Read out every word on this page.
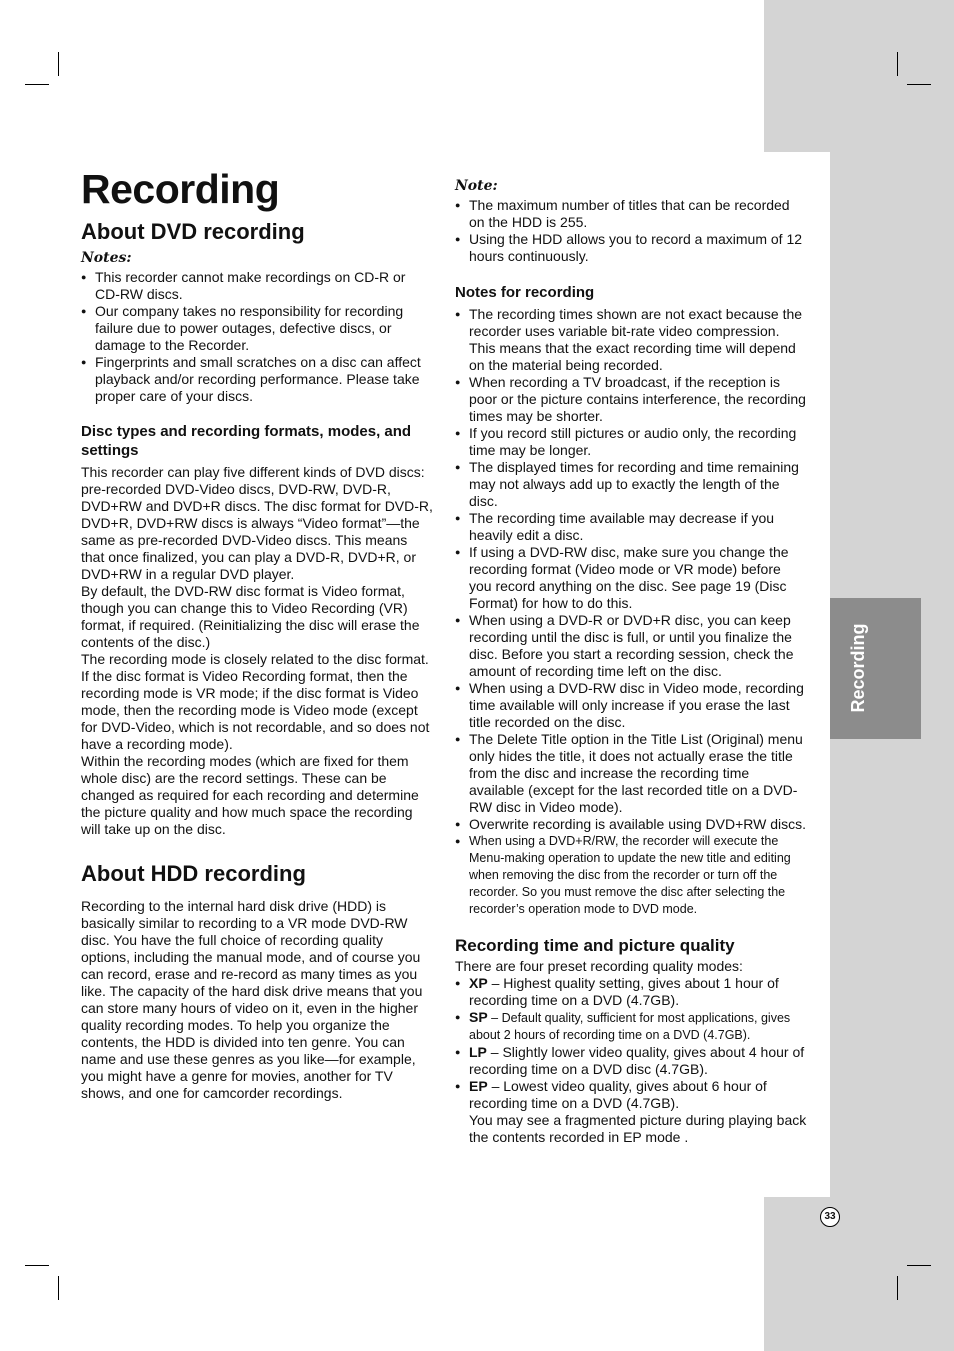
Recording
33
Recording
About DVD recording
Notes:
● This recorder cannot make recordings on CD-R or CD-RW discs.
● Our company takes no responsibility for recording failure due to power outages, defective discs, or damage to the Recorder.
● Fingerprints and small scratches on a disc can affect playback and/or recording performance. Please take proper care of your discs.
Disc types and recording formats, modes, and settings

This recorder can play five different kinds of DVD discs: pre-recorded DVD-Video discs, DVD-RW, DVD-R, DVD+RW and DVD+R discs. The disc format for DVD-R, DVD+R, DVD+RW discs is always “Video format”—the same as pre-recorded DVD-Video discs. This means that once finalized, you can play a DVD-R, DVD+R, or DVD+RW in a regular DVD player.

By default, the DVD-RW disc format is Video format, though you can change this to Video Recording (VR) format, if required. (Reinitializing the disc will erase the contents of the disc.)

The recording mode is closely related to the disc format. If the disc format is Video Recording format, then the recording mode is VR mode; if the disc format is Video mode, then the recording mode is Video mode (except for DVD-Video, which is not recordable, and so does not have a recording mode).

Within the recording modes (which are fixed for them whole disc) are the record settings. These can be changed as required for each recording and determine the picture quality and how much space the recording will take up on the disc.

About HDD recording

Recording to the internal hard disk drive (HDD) is basically similar to recording to a VR mode DVD-RW disc. You have the full choice of recording quality options, including the manual mode, and of course you can record, erase and re-record as many times as you like. The capacity of the hard disk drive means that you can store many hours of video on it, even in the higher quality recording modes. To help you organize the contents, the HDD is divided into ten genre. You can name and use these genres as you like—for example, you might have a genre for movies, another for TV shows, and one for camcorder recordings.

Note:
● The maximum number of titles that can be recorded on the HDD is 255.
● Using the HDD allows you to record a maximum of 12 hours continuously.
Notes for recording
● The recording times shown are not exact because the recorder uses variable bit-rate video compression. This means that the exact recording time will depend on the material being recorded.
● When recording a TV broadcast, if the reception is poor or the picture contains interference, the recording times may be shorter.
● If you record still pictures or audio only, the recording time may be longer.
● The displayed times for recording and time remaining may not always add up to exactly the length of the disc.
● The recording time available may decrease if you heavily edit a disc.
● If using a DVD-RW disc, make sure you change the recording format (Video mode or VR mode) before you record anything on the disc. See page 19 (Disc Format) for how to do this.
● When using a DVD-R or DVD+R disc, you can keep recording until the disc is full, or until you finalize the disc. Before you start a recording session, check the amount of recording time left on the disc.
● When using a DVD-RW disc in Video mode, recording time available will only increase if you erase the last title recorded on the disc.
● The Delete Title option in the Title List (Original) menu only hides the title, it does not actually erase the title from the disc and increase the recording time available (except for the last recorded title on a DVD-RW disc in Video mode).
● Overwrite recording is available using DVD+RW discs.
● When using a DVD+R/RW, the recorder will execute the Menu-making operation to update the new title and editing when removing the disc from the recorder or turn off the recorder. So you must remove the disc after selecting the recorder’s operation mode to DVD mode.
Recording time and picture quality

There are four preset recording quality modes:

● XP – Highest quality setting, gives about 1 hour of recording time on a DVD (4.7GB).
● SP – Default quality, sufficient for most applications, gives about 2 hours of recording time on a DVD (4.7GB).
● LP – Slightly lower video quality, gives about 4 hour of recording time on a DVD disc (4.7GB).
● EP – Lowest video quality, gives about 6 hour of recording time on a DVD (4.7GB).
You may see a fragmented picture during playing back the contents recorded in EP mode .
